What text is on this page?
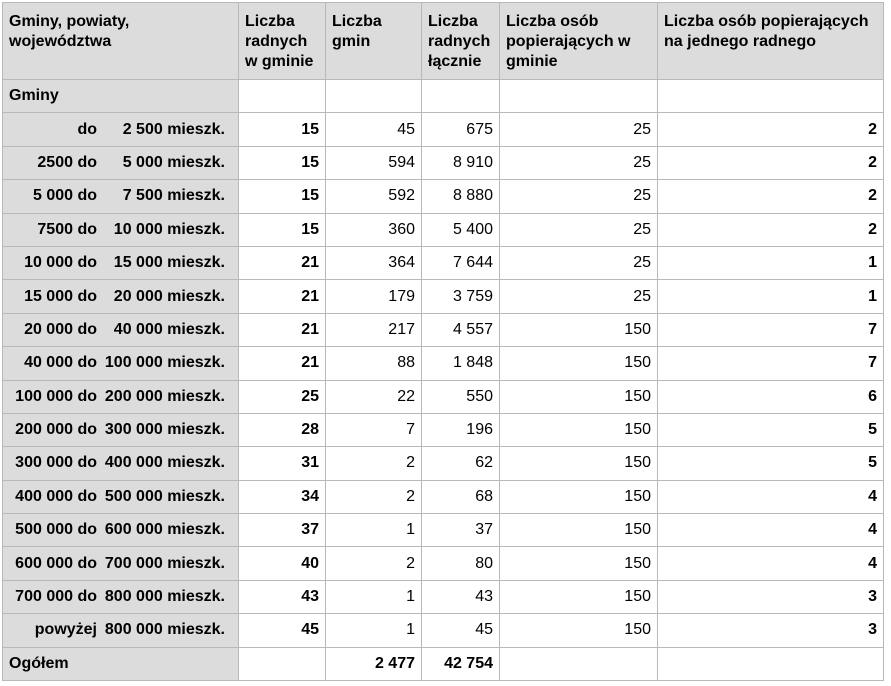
Gminy, powiaty, województwa	Liczba radnych w gminie	Liczba gmin	Liczba radnych łącznie	Liczba osób popierających w gminie	Liczba osób popierających na jednego radnego
Gminy					
do 2 500 mieszk.	15	45	675	25	2
2500 do 5 000 mieszk.	15	594	8 910	25	2
5 000 do 7 500 mieszk.	15	592	8 880	25	2
7500 do 10 000 mieszk.	15	360	5 400	25	2
10 000 do 15 000 mieszk.	21	364	7 644	25	1
15 000 do 20 000 mieszk.	21	179	3 759	25	1
20 000 do 40 000 mieszk.	21	217	4 557	150	7
40 000 do 100 000 mieszk.	21	88	1 848	150	7
100 000 do 200 000 mieszk.	25	22	550	150	6
200 000 do 300 000 mieszk.	28	7	196	150	5
300 000 do 400 000 mieszk.	31	2	62	150	5
400 000 do 500 000 mieszk.	34	2	68	150	4
500 000 do 600 000 mieszk.	37	1	37	150	4
600 000 do 700 000 mieszk.	40	2	80	150	4
700 000 do 800 000 mieszk.	43	1	43	150	3
powyżej 800 000 mieszk.	45	1	45	150	3
Ogółem		2 477	42 754		
